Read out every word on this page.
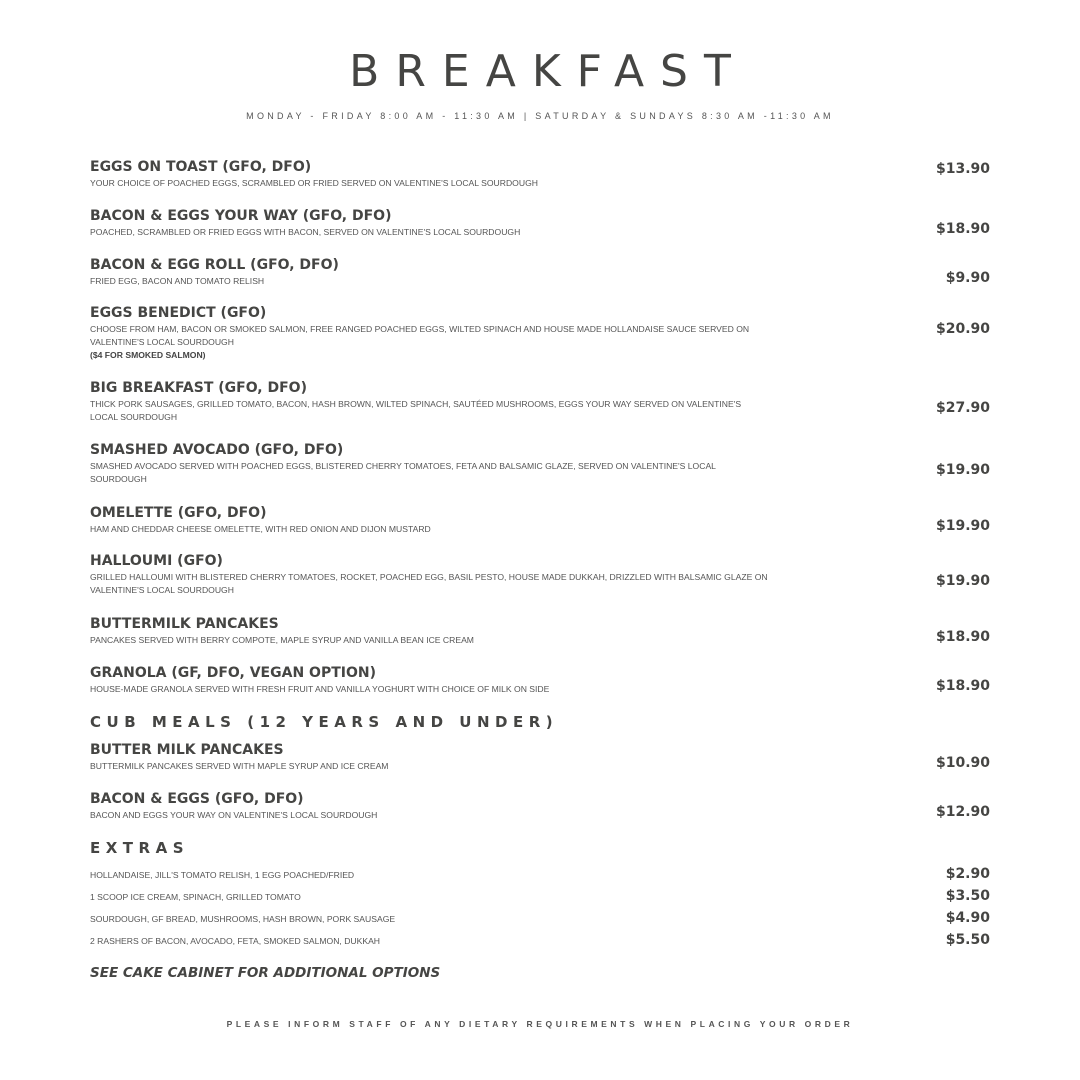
BREAKFAST
MONDAY - FRIDAY 8:00 AM - 11:30 AM | SATURDAY & SUNDAYS 8:30 AM -11:30 AM
EGGS ON TOAST (GFO, DFO)
YOUR CHOICE OF POACHED EGGS, SCRAMBLED OR FRIED SERVED ON VALENTINE'S LOCAL SOURDOUGH
$13.90
BACON & EGGS YOUR WAY (GFO, DFO)
POACHED, SCRAMBLED OR FRIED EGGS WITH BACON, SERVED ON VALENTINE'S LOCAL SOURDOUGH	$18.90
BACON & EGG ROLL (GFO, DFO)
FRIED EGG, BACON AND TOMATO RELISH	$9.90
EGGS BENEDICT (GFO)
CHOOSE FROM HAM, BACON OR SMOKED SALMON, FREE RANGED POACHED EGGS, WILTED SPINACH AND HOUSE MADE HOLLANDAISE SAUCE SERVED ON VALENTINE'S LOCAL SOURDOUGH
($4 FOR SMOKED SALMON)
$20.90
BIG BREAKFAST (GFO, DFO)
THICK PORK SAUSAGES, GRILLED TOMATO, BACON, HASH BROWN, WILTED SPINACH, SAUTÉED MUSHROOMS, EGGS YOUR WAY SERVED ON VALENTINE'S LOCAL SOURDOUGH
$27.90
SMASHED AVOCADO (GFO, DFO)
SMASHED AVOCADO SERVED WITH POACHED EGGS, BLISTERED CHERRY TOMATOES, FETA AND BALSAMIC GLAZE, SERVED ON VALENTINE'S LOCAL SOURDOUGH
$19.90
OMELETTE (GFO, DFO)
HAM AND CHEDDAR CHEESE OMELETTE, WITH RED ONION AND DIJON MUSTARD	$19.90
HALLOUMI (GFO)
GRILLED HALLOUMI WITH BLISTERED CHERRY TOMATOES, ROCKET, POACHED EGG, BASIL PESTO, HOUSE MADE DUKKAH, DRIZZLED WITH BALSAMIC GLAZE ON VALENTINE'S LOCAL SOURDOUGH
$19.90
BUTTERMILK PANCAKES
PANCAKES SERVED WITH BERRY COMPOTE, MAPLE SYRUP AND VANILLA BEAN ICE CREAM	$18.90
GRANOLA (GF, DFO, VEGAN OPTION)
HOUSE-MADE GRANOLA SERVED WITH FRESH FRUIT AND VANILLA YOGHURT WITH CHOICE OF MILK ON SIDE	$18.90
CUB MEALS (12 YEARS AND UNDER)
BUTTER MILK PANCAKES
BUTTERMILK PANCAKES SERVED WITH MAPLE SYRUP AND ICE CREAM	$10.90
BACON & EGGS (GFO, DFO)
BACON AND EGGS YOUR WAY ON VALENTINE'S LOCAL SOURDOUGH	$12.90
EXTRAS
HOLLANDAISE, JILL'S TOMATO RELISH, 1 EGG POACHED/FRIED	$2.90
1 SCOOP ICE CREAM, SPINACH, GRILLED TOMATO	$3.50
SOURDOUGH, GF BREAD, MUSHROOMS, HASH BROWN, PORK SAUSAGE	$4.90
2 RASHERS OF BACON, AVOCADO, FETA, SMOKED SALMON, DUKKAH	$5.50
SEE CAKE CABINET FOR ADDITIONAL OPTIONS
PLEASE INFORM STAFF OF ANY DIETARY REQUIREMENTS WHEN PLACING YOUR ORDER
